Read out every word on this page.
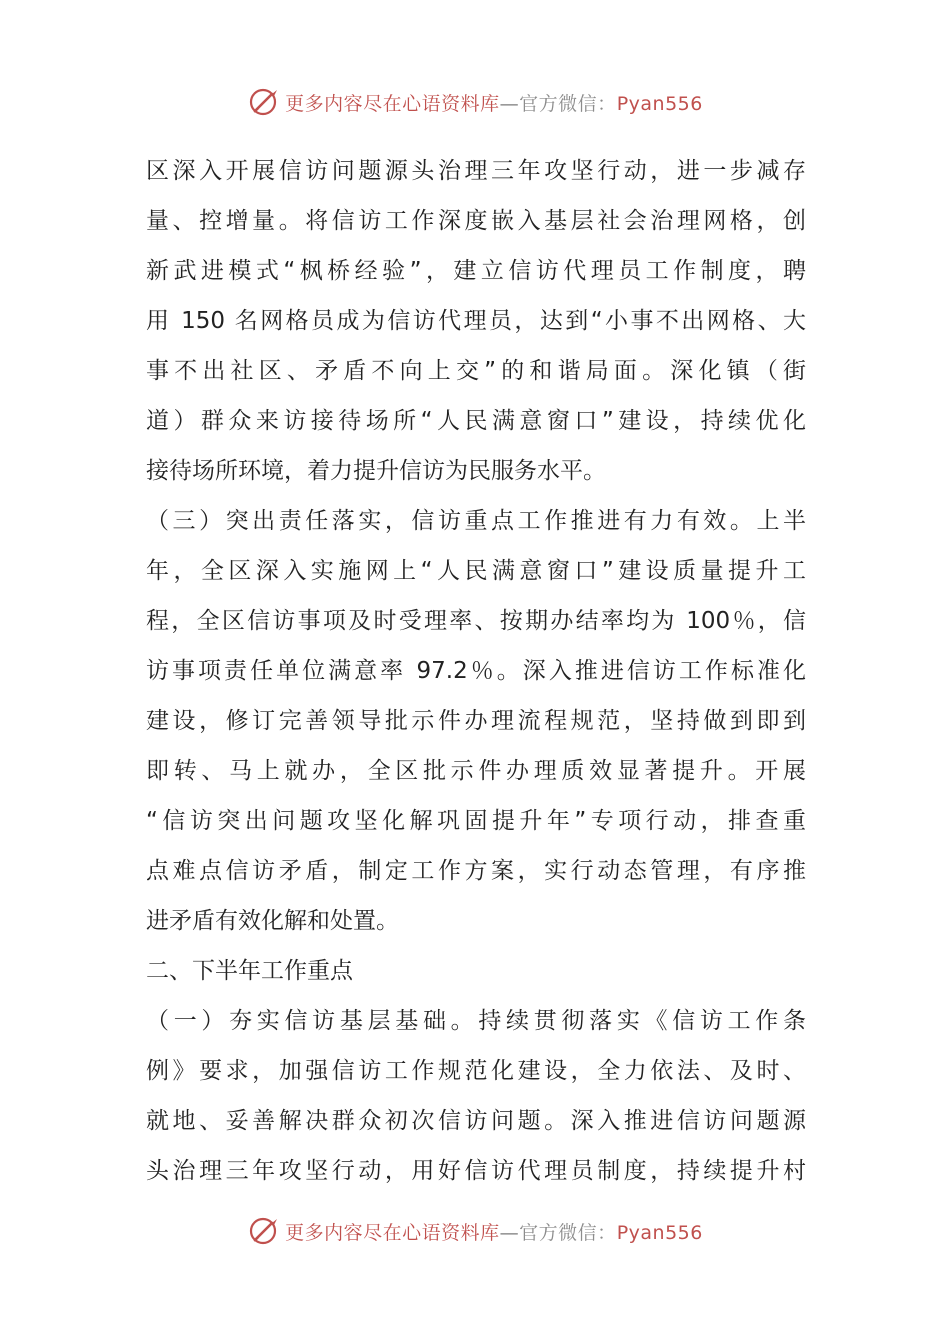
更多内容尽在心语资料库—官方微信：Pyan556
区深入开展信访问题源头治理三年攻坚行动，进一步减存
量、控增量。将信访工作深度嵌入基层社会治理网格，创
新武进模式“枫桥经验”，建立信访代理员工作制度，聘
用 150 名网格员成为信访代理员，达到“小事不出网格、大
事不出社区、矛盾不向上交”的和谐局面。深化镇（街
道）群众来访接待场所“人民满意窗口”建设，持续优化
接待场所环境，着力提升信访为民服务水平。
（三）突出责任落实，信访重点工作推进有力有效。上半
年，全区深入实施网上“人民满意窗口”建设质量提升工
程，全区信访事项及时受理率、按期办结率均为 100％，信
访事项责任单位满意率 97.2％。深入推进信访工作标准化
建设，修订完善领导批示件办理流程规范，坚持做到即到
即转、马上就办，全区批示件办理质效显著提升。开展
“信访突出问题攻坚化解巩固提升年”专项行动，排查重
点难点信访矛盾，制定工作方案，实行动态管理，有序推
进矛盾有效化解和处置。
二、下半年工作重点
（一）夯实信访基层基础。持续贯彻落实《信访工作条
例》要求，加强信访工作规范化建设，全力依法、及时、
就地、妥善解决群众初次信访问题。深入推进信访问题源
头治理三年攻坚行动，用好信访代理员制度，持续提升村
更多内容尽在心语资料库—官方微信：Pyan556
